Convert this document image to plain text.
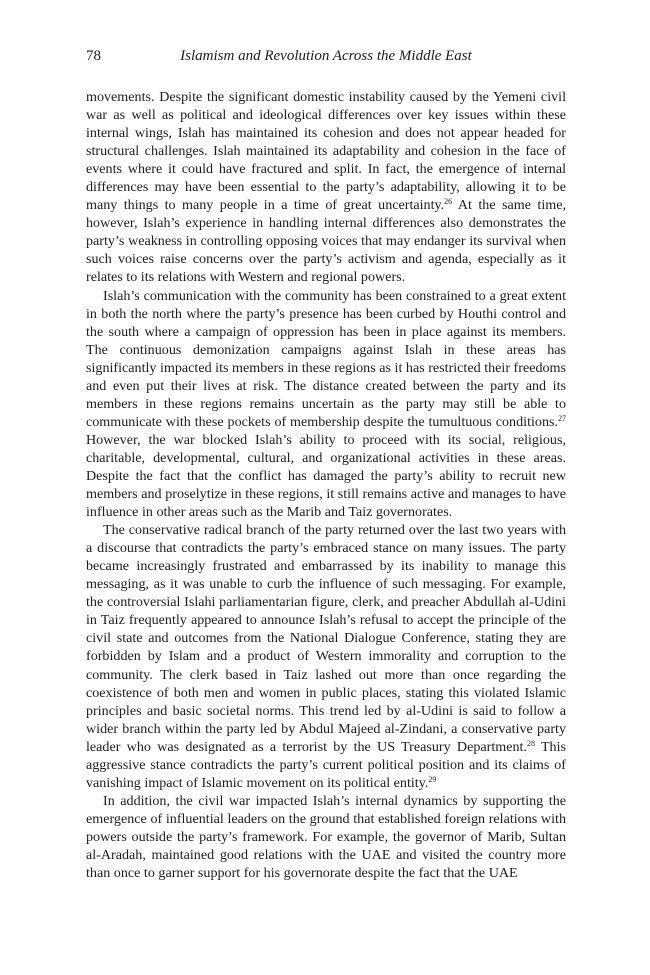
78	Islamism and Revolution Across the Middle East

movements. Despite the significant domestic instability caused by the Yemeni civil war as well as political and ideological differences over key issues within these internal wings, Islah has maintained its cohesion and does not appear headed for structural challenges. Islah maintained its adaptability and cohesion in the face of events where it could have fractured and split. In fact, the emergence of internal differences may have been essential to the party’s adaptability, allowing it to be many things to many people in a time of great uncertainty.$^{26}$ At the same time, however, Islah’s experience in handling internal differences also demonstrates the party’s weakness in controlling opposing voices that may endanger its survival when such voices raise concerns over the party’s activism and agenda, especially as it relates to its relations with Western and regional powers.

Islah’s communication with the community has been constrained to a great extent in both the north where the party’s presence has been curbed by Houthi control and the south where a campaign of oppression has been in place against its members. The continuous demonization campaigns against Islah in these areas has significantly impacted its members in these regions as it has restricted their freedoms and even put their lives at risk. The distance created between the party and its members in these regions remains uncertain as the party may still be able to communicate with these pockets of membership despite the tumultuous conditions.$^{27}$ However, the war blocked Islah’s ability to proceed with its social, religious, charitable, developmental, cultural, and organizational activities in these areas. Despite the fact that the conflict has damaged the party’s ability to recruit new members and proselytize in these regions, it still remains active and manages to have influence in other areas such as the Marib and Taiz governorates.

The conservative radical branch of the party returned over the last two years with a discourse that contradicts the party’s embraced stance on many issues. The party became increasingly frustrated and embarrassed by its inability to manage this messaging, as it was unable to curb the influence of such messaging. For example, the controversial Islahi parliamentarian figure, clerk, and preacher Abdullah al-Udini in Taiz frequently appeared to announce Islah’s refusal to accept the principle of the civil state and outcomes from the National Dialogue Conference, stating they are forbidden by Islam and a product of Western immorality and corruption to the community. The clerk based in Taiz lashed out more than once regarding the coexistence of both men and women in public places, stating this violated Islamic principles and basic societal norms. This trend led by al-Udini is said to follow a wider branch within the party led by Abdul Majeed al-Zindani, a conservative party leader who was designated as a terrorist by the US Treasury Department.$^{28}$ This aggressive stance contradicts the party’s current political position and its claims of vanishing impact of Islamic movement on its political entity.$^{29}$

In addition, the civil war impacted Islah’s internal dynamics by supporting the emergence of influential leaders on the ground that established foreign relations with powers outside the party’s framework. For example, the governor of Marib, Sultan al-Aradah, maintained good relations with the UAE and visited the country more than once to garner support for his governorate despite the fact that the UAE
